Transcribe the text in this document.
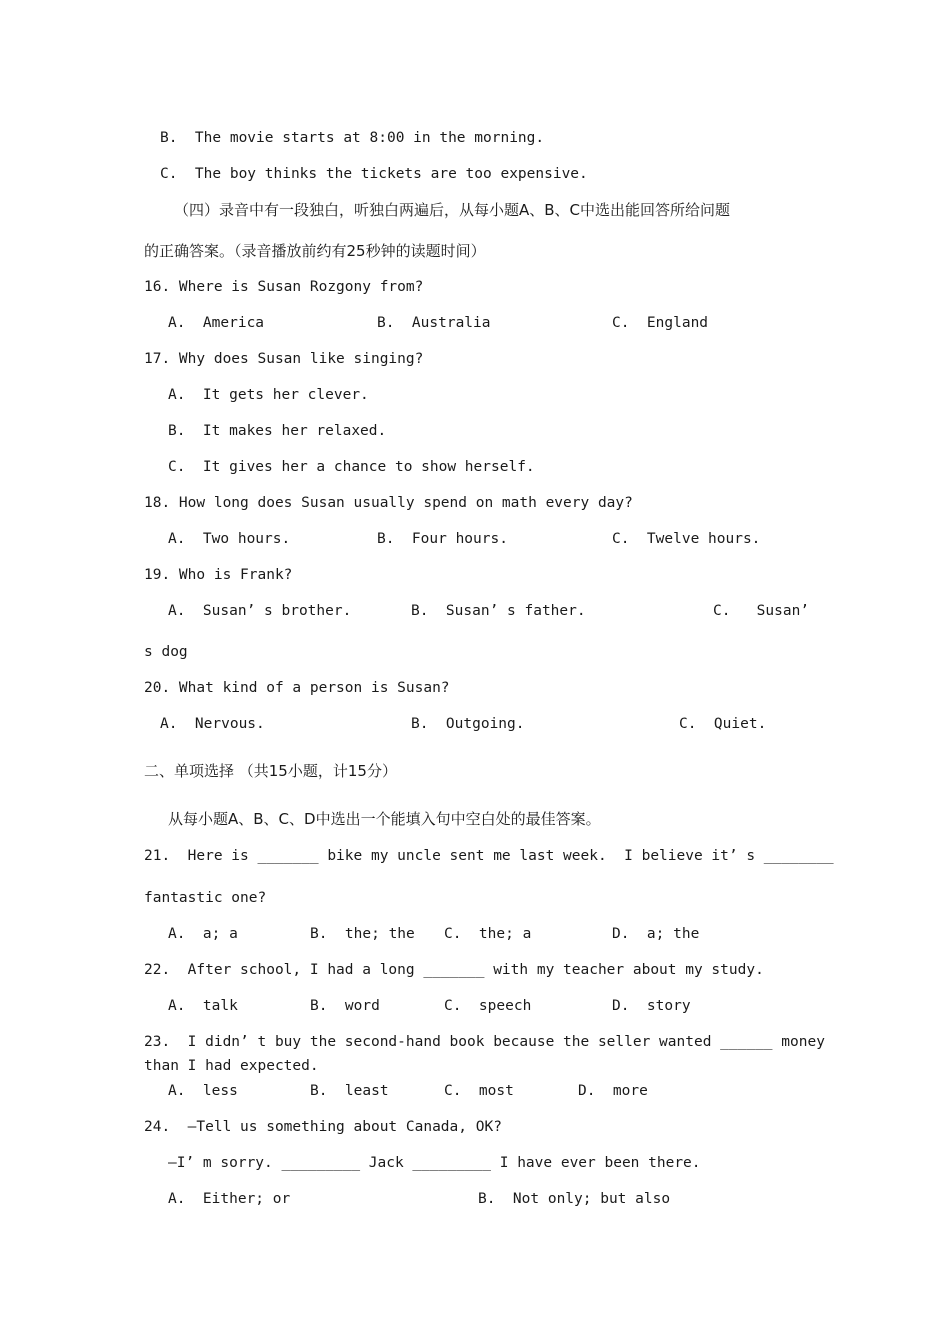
B.  The movie starts at 8:00 in the morning.
C.  The boy thinks the tickets are too expensive.
（四）录音中有一段独白，听独白两遍后，从每小题A、B、C中选出能回答所给问题
的正确答案。（录音播放前约有25秒钟的读题时间）
16. Where is Susan Rozgony from?
A.  America	B.  Australia	C.  England
17. Why does Susan like singing?
A.  It gets her clever.
B.  It makes her relaxed.
C.  It gives her a chance to show herself.
18. How long does Susan usually spend on math every day?
A.  Two hours.	B.  Four hours.	C.  Twelve hours.
19. Who is Frank?
A.  Susan’ s brother.	B.  Susan’ s father.	C.   Susan’
s dog
20. What kind of a person is Susan?
A.  Nervous.	B.  Outgoing.	C.  Quiet.
二、单项选择 （共15小题，计15分）
从每小题A、B、C、D中选出一个能填入句中空白处的最佳答案。
21.  Here is _______ bike my uncle sent me last week.  I believe it’ s ________
fantastic one?
A.  a; a	B.  the; the C.  the; a	D.  a; the
22.  After school, I had a long _______ with my teacher about my study.
A.  talk	B.  word	C.  speech	D.  story
23.  I didn’ t buy the second-hand book because the seller wanted ______ money
than I had expected.
A.  less	B.  least	C.  most	D.  more
24.  —Tell us something about Canada, OK?
—I’ m sorry. _________ Jack _________ I have ever been there.
A.  Either; or	B.  Not only; but also
